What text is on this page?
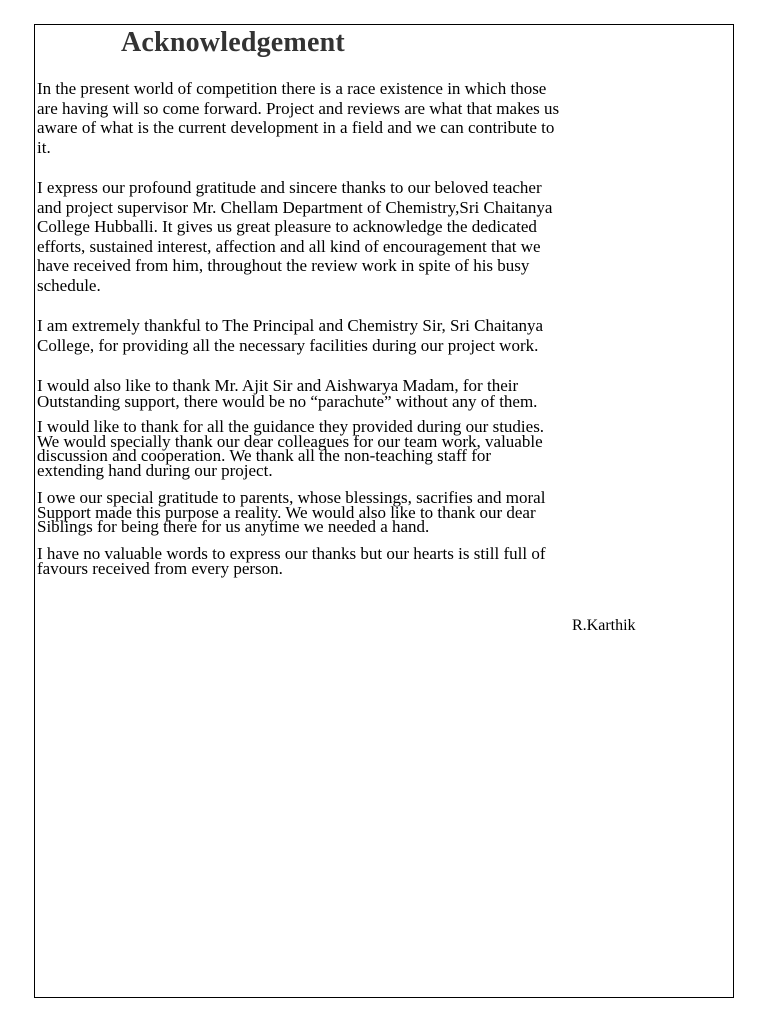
Acknowledgement

In the present world of competition there is a race existence in which those
are having will so come forward. Project and reviews are what that makes us
aware of what is the current development in a field and we can contribute to
it.

I express our profound gratitude and sincere thanks to our beloved teacher
and project supervisor Mr. Chellam Department of Chemistry,Sri Chaitanya
College Hubballi. It gives us great pleasure to acknowledge the dedicated
efforts, sustained interest, affection and all kind of encouragement that we
have received from him, throughout the review work in spite of his busy
schedule.

I am extremely thankful to The Principal and Chemistry Sir, Sri Chaitanya
College, for providing all the necessary facilities during our project work.

I would also like to thank Mr. Ajit Sir and Aishwarya Madam, for their
Outstanding support, there would be no “parachute” without any of them.

I would like to thank for all the guidance they provided during our studies.
We would specially thank our dear colleagues for our team work, valuable
discussion and cooperation. We thank all the non-teaching staff for
extending hand during our project.

I owe our special gratitude to parents, whose blessings, sacrifies and moral
Support made this purpose a reality. We would also like to thank our dear
Siblings for being there for us anytime we needed a hand.

I have no valuable words to express our thanks but our hearts is still full of
favours received from every person.

R.Karthik
